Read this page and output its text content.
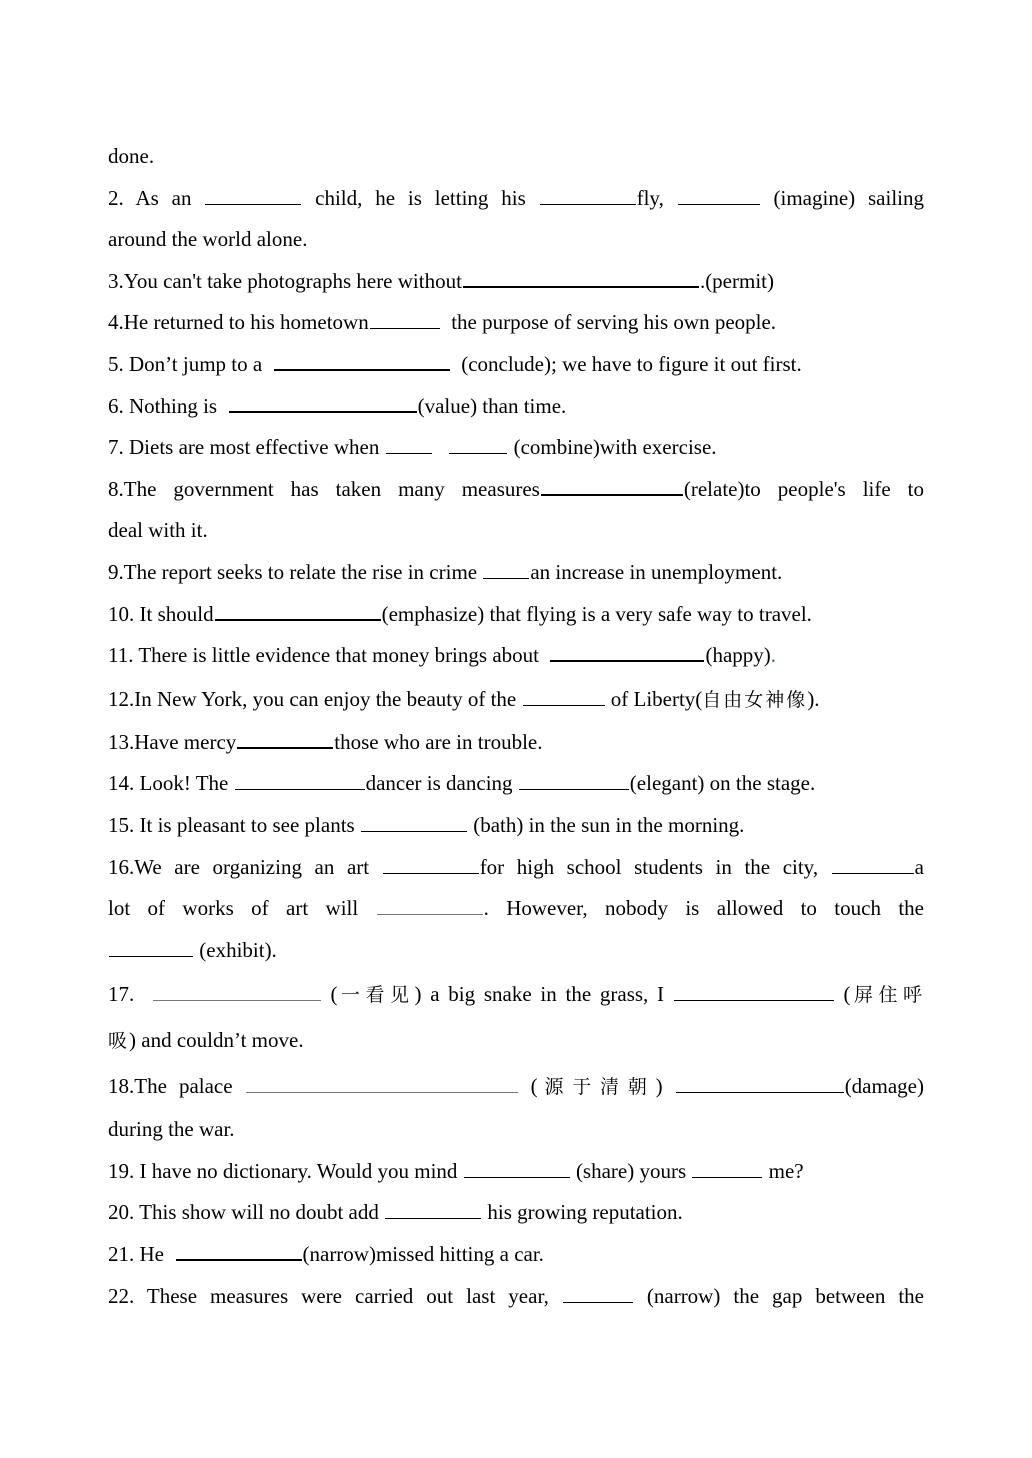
done.
2. As an	child, he is letting his	fly,	(imagine) sailing
around the world alone.
3.You can't take photographs here without	.(permit)
4.He returned to his hometown	the purpose of serving his own people.
5. Don’t jump to a	(conclude); we have to figure it out first.
6. Nothing is	(value) than time.
7. Diets are most effective when	(combine)with exercise.
8.The government has taken many measures	(relate)to people's life to
deal with it.
9.The report seeks to relate the rise in crime an increase in unemployment.
10. It should	(emphasize) that flying is a very safe way to travel.
11. There is little evidence that money brings about	(happy).
12.In New York, you can enjoy the beauty of the	of Liberty(自由女神像).
13.Have mercy	those who are in trouble.
14. Look! The	dancer is dancing	(elegant) on the stage.
15. It is pleasant to see plants	(bath) in the sun in the morning.
16.We are organizing an art	for high school students in the city,	a
lot of works of art will	. However, nobody is allowed to touch the
(exhibit).
17.	(一看见) a big snake in the grass, I	(屏住呼
吸) and couldn’t move.
18.The palace	(源于清朝)	(damage)
during the war.
19. I have no dictionary. Would you mind	(share) yours	me?
20. This show will no doubt add	his growing reputation.
21. He	(narrow)missed hitting a car.
22. These measures were carried out last year,	(narrow) the gap between the
